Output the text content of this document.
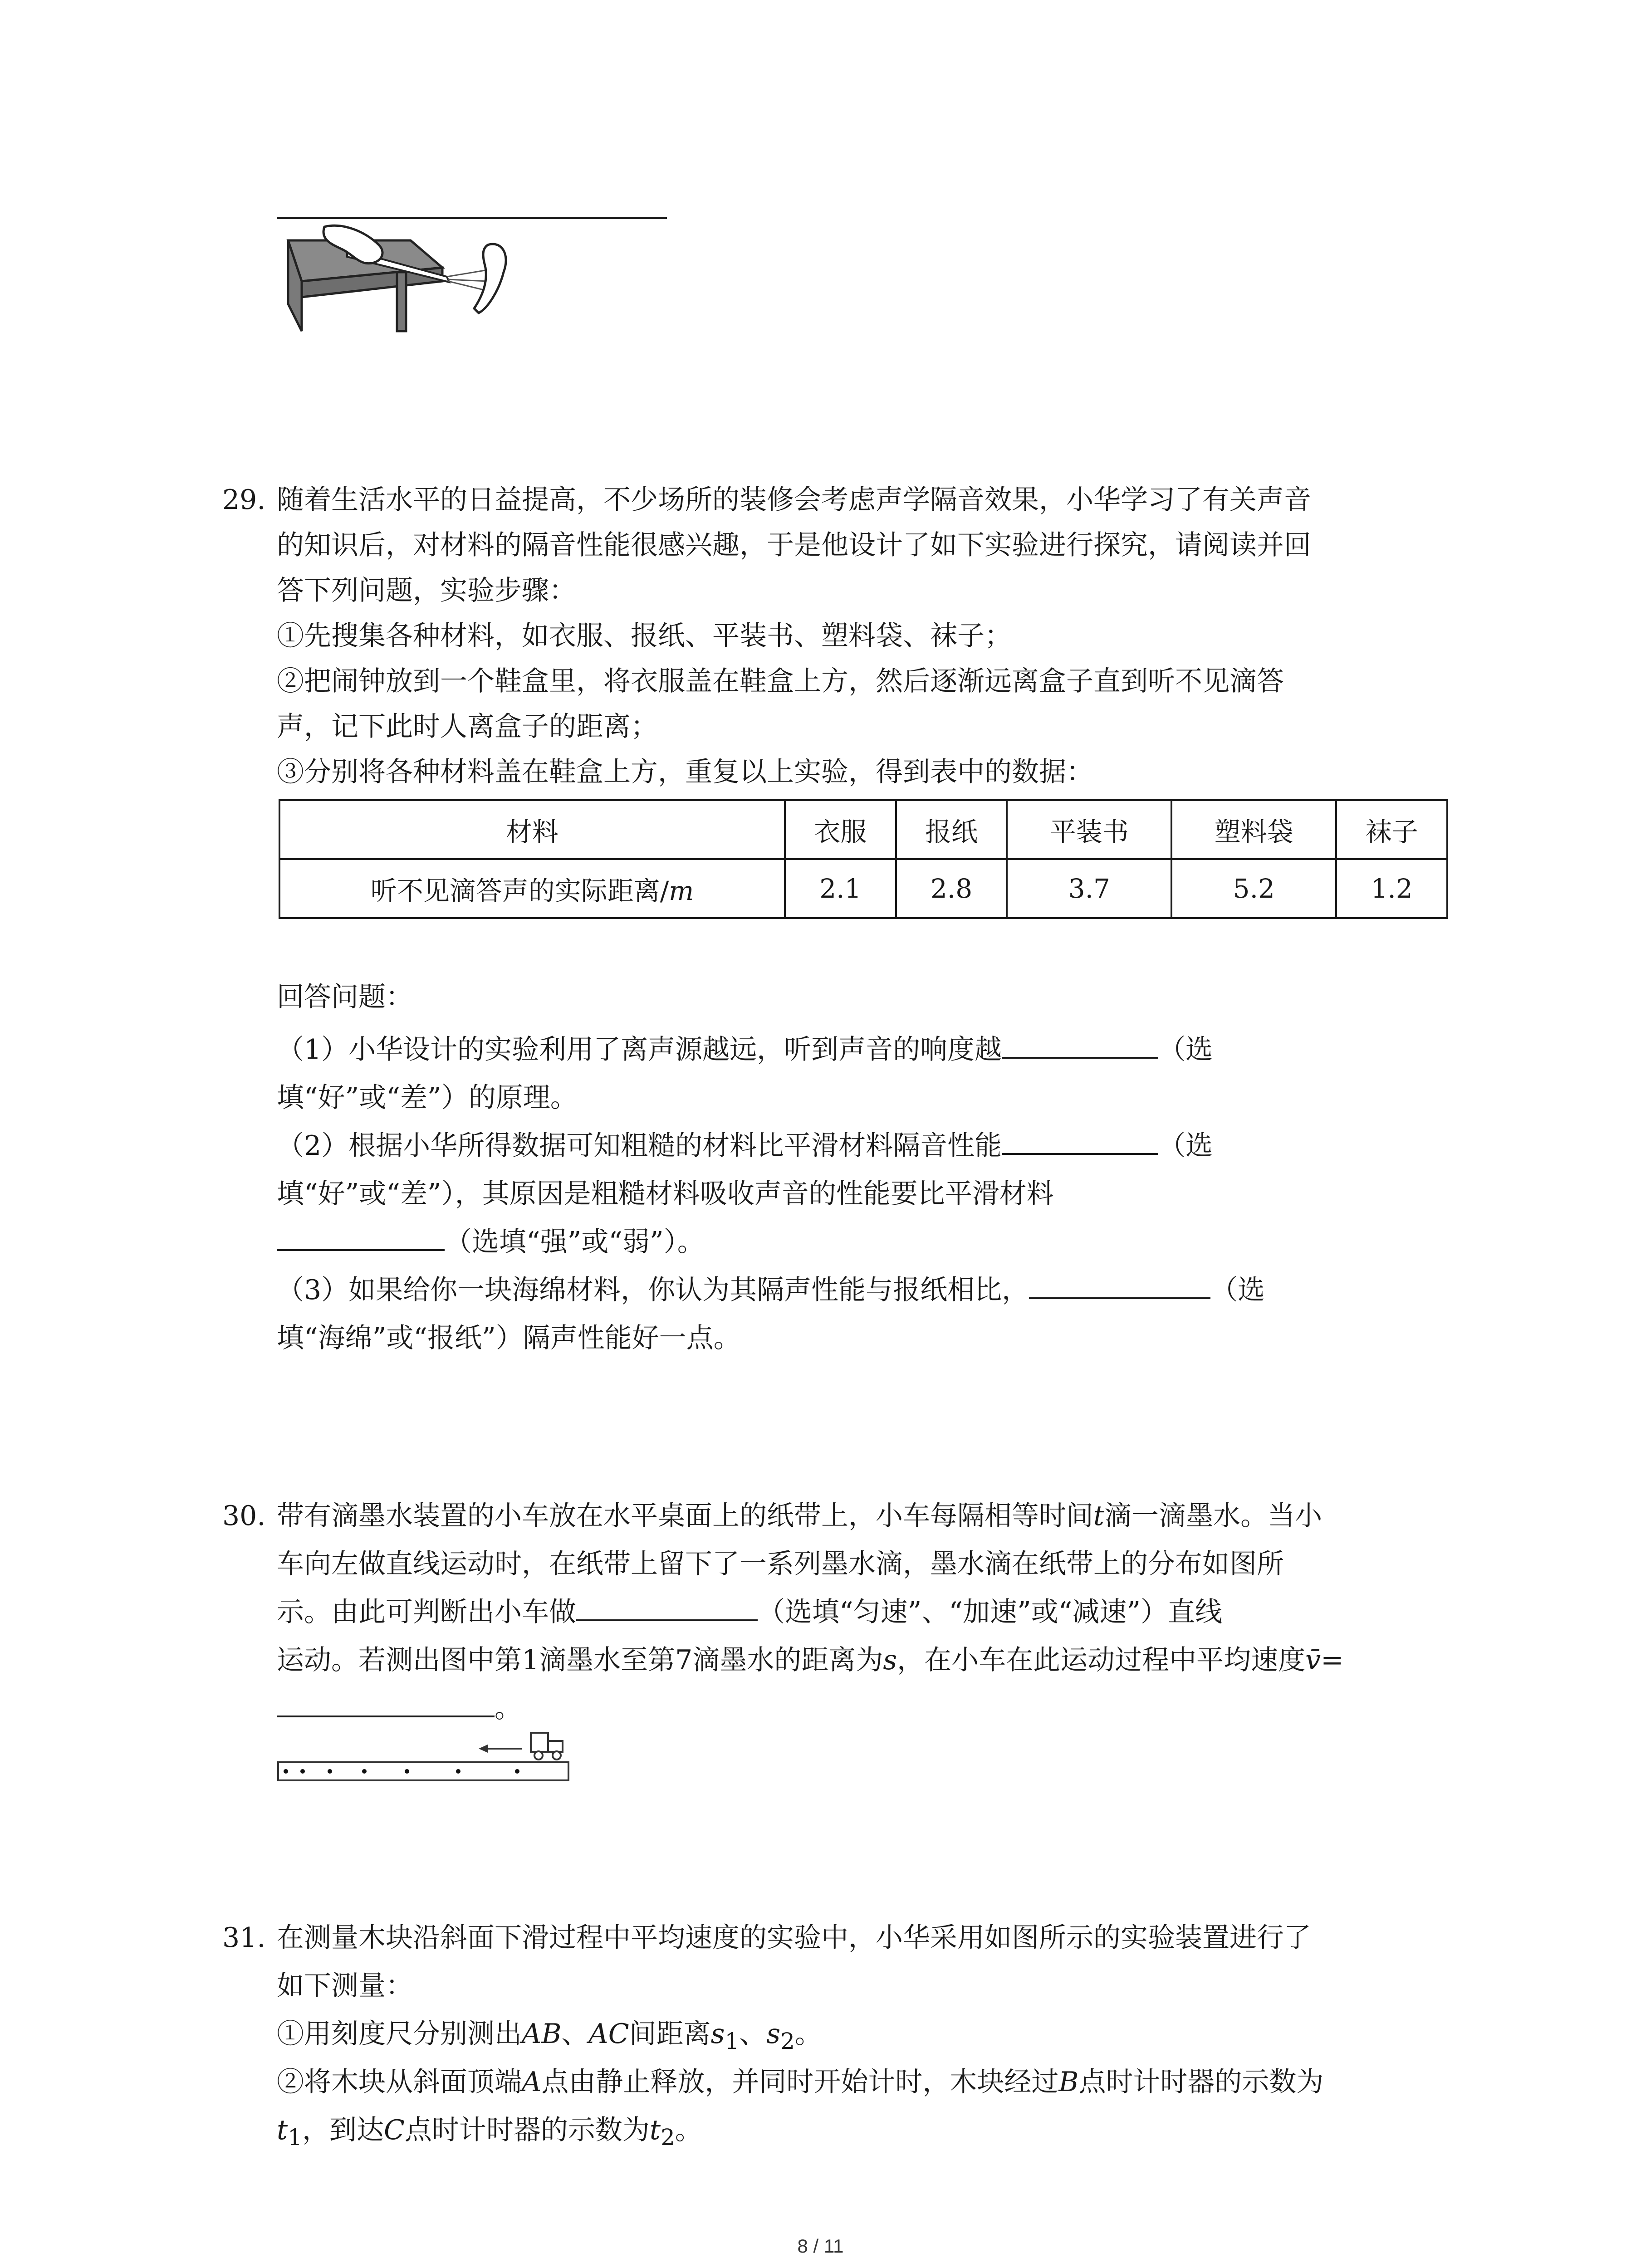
29. 随着生活水平的日益提高，不少场所的装修会考虑声学隔音效果，小华学习了有关声音
的知识后，对材料的隔音性能很感兴趣，于是他设计了如下实验进行探究，请阅读并回
答下列问题，实验步骤：
①先搜集各种材料，如衣服、报纸、平装书、塑料袋、袜子；
②把闹钟放到一个鞋盒里，将衣服盖在鞋盒上方，然后逐渐远离盒子直到听不见滴答
声，记下此时人离盒子的距离；
③分别将各种材料盖在鞋盒上方，重复以上实验，得到表中的数据：
材料	衣服	报纸	平装书	塑料袋	袜子
听不见滴答声的实际距离/m	2.1	2.8	3.7	5.2	1.2
回答问题：
（1）小华设计的实验利用了离声源越远，听到声音的响度越	（选
填“好”或“差”）的原理。
（2）根据小华所得数据可知粗糙的材料比平滑材料隔音性能	（选
填“好”或“差”），其原因是粗糙材料吸收声音的性能要比平滑材料
（选填“强”或“弱”）。
（3）如果给你一块海绵材料，你认为其隔声性能与报纸相比，	（选
填“海绵”或“报纸”）隔声性能好一点。
30. 带有滴墨水装置的小车放在水平桌面上的纸带上，小车每隔相等时间t滴一滴墨水。当小
车向左做直线运动时，在纸带上留下了一系列墨水滴，墨水滴在纸带上的分布如图所
示。由此可判断出小车做	（选填“匀速”、“加速”或“减速”）直线
运动。若测出图中第1滴墨水至第7滴墨水的距离为s，在小车在此运动过程中平均速度v̄=
。
31. 在测量木块沿斜面下滑过程中平均速度的实验中，小华采用如图所示的实验装置进行了
如下测量：
①用刻度尺分别测出AB、AC间距离$s_1$、$s_2$。
②将木块从斜面顶端A点由静止释放，并同时开始计时，木块经过B点时计时器的示数为
$t_1$，到达C点时计时器的示数为$t_2$。
8 / 11
